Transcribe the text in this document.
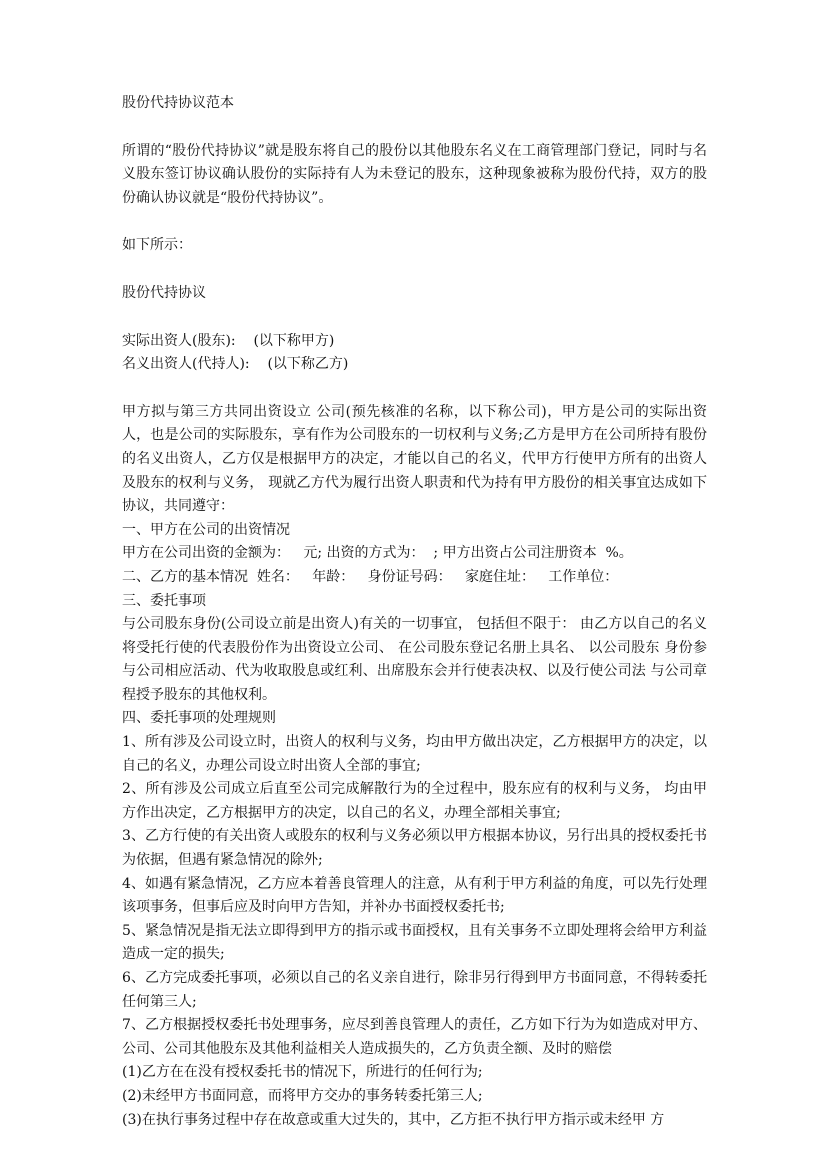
股份代持协议范本
所谓的“股份代持协议”就是股东将自己的股份以其他股东名义在工商管理部门登记，同时与名义股东签订协议确认股份的实际持有人为未登记的股东，这种现象被称为股份代持，双方的股份确认协议就是“股份代持协议”。
如下所示：
股份代持协议
实际出资人(股东):    (以下称甲方)
名义出资人(代持人):    (以下称乙方)
甲方拟与第三方共同出资设立 公司(预先核准的名称，以下称公司)，甲方是公司的实际出资人，也是公司的实际股东，享有作为公司股东的一切权利与义务;乙方是甲方在公司所持有股份的名义出资人，乙方仅是根据甲方的决定，才能以自己的名义，代甲方行使甲方所有的出资人及股东的权利与义务， 现就乙方代为履行出资人职责和代为持有甲方股份的相关事宜达成如下协议，共同遵守：
一、甲方在公司的出资情况
甲方在公司出资的金额为：   元; 出资的方式为：  ; 甲方出资占公司注册资本  %。
二、乙方的基本情况  姓名：   年龄：   身份证号码：   家庭住址：   工作单位：
三、委托事项
与公司股东身份(公司设立前是出资人)有关的一切事宜， 包括但不限于： 由乙方以自己的名义将受托行使的代表股份作为出资设立公司、 在公司股东登记名册上具名、 以公司股东 身份参与公司相应活动、代为收取股息或红利、出席股东会并行使表决权、以及行使公司法 与公司章程授予股东的其他权利。
四、委托事项的处理规则
1、所有涉及公司设立时，出资人的权利与义务，均由甲方做出决定，乙方根据甲方的决定，以自己的名义，办理公司设立时出资人全部的事宜;
2、所有涉及公司成立后直至公司完成解散行为的全过程中，股东应有的权利与义务， 均由甲方作出决定，乙方根据甲方的决定，以自己的名义，办理全部相关事宜;
3、乙方行使的有关出资人或股东的权利与义务必须以甲方根据本协议，另行出具的授权委托书为依据，但遇有紧急情况的除外;
4、如遇有紧急情况，乙方应本着善良管理人的注意，从有利于甲方利益的角度，可以先行处理该项事务，但事后应及时向甲方告知，并补办书面授权委托书;
5、紧急情况是指无法立即得到甲方的指示或书面授权，且有关事务不立即处理将会给甲方利益造成一定的损失;
6、乙方完成委托事项，必须以自己的名义亲自进行，除非另行得到甲方书面同意，不得转委托任何第三人;
7、乙方根据授权委托书处理事务，应尽到善良管理人的责任，乙方如下行为为如造成对甲方、公司、公司其他股东及其他利益相关人造成损失的，乙方负责全额、及时的赔偿
(1)乙方在在没有授权委托书的情况下，所进行的任何行为;
(2)未经甲方书面同意，而将甲方交办的事务转委托第三人;
(3)在执行事务过程中存在故意或重大过失的，其中，乙方拒不执行甲方指示或未经甲 方
